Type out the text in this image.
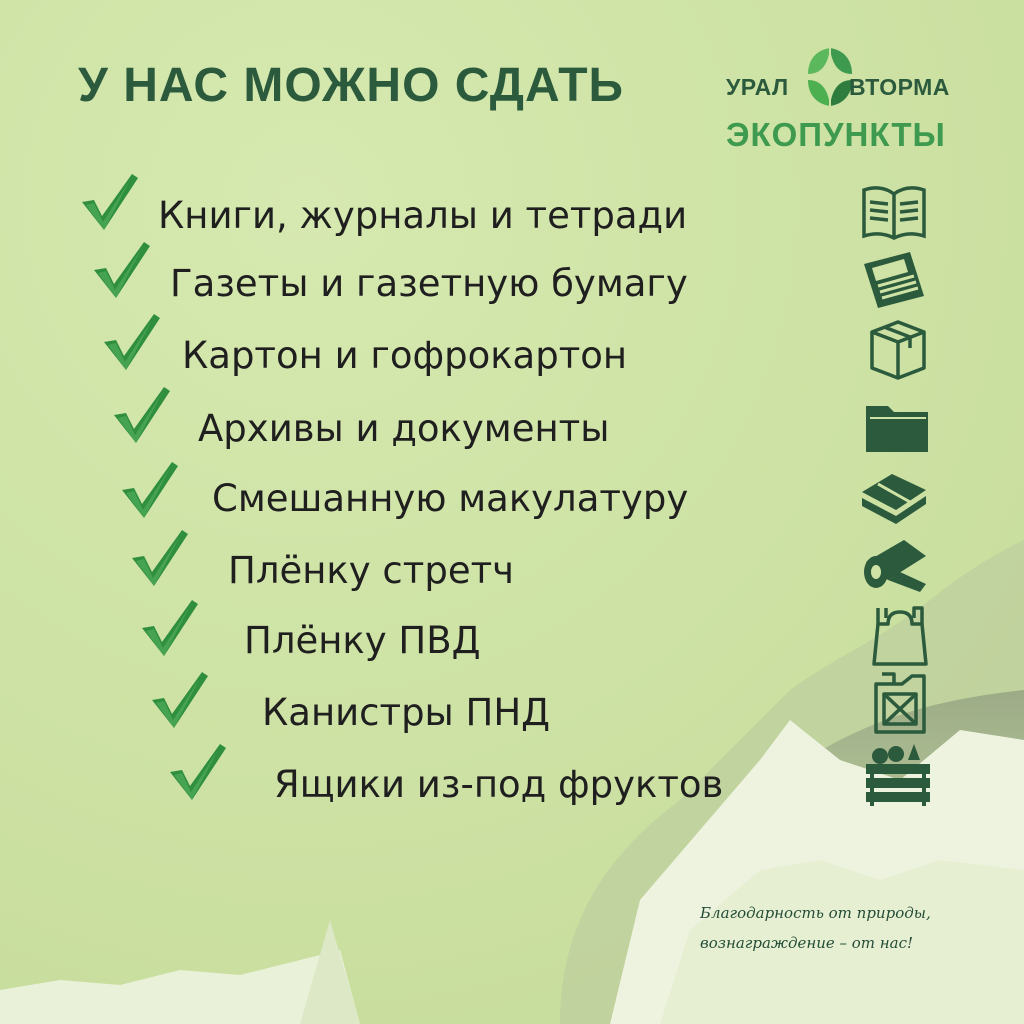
У НАС МОЖНО СДАТЬ	УРАЛ	ВТОРМА
ЭКОПУНКТЫ
Книги, журналы и тетради
Газеты и газетную бумагу
Картон и гофрокартон
Архивы и документы
Смешанную макулатуру
Плёнку стретч
Плёнку ПВД
Канистры ПНД
Ящики из-под фруктов
Благодарность от природы,
вознаграждение – от нас!
